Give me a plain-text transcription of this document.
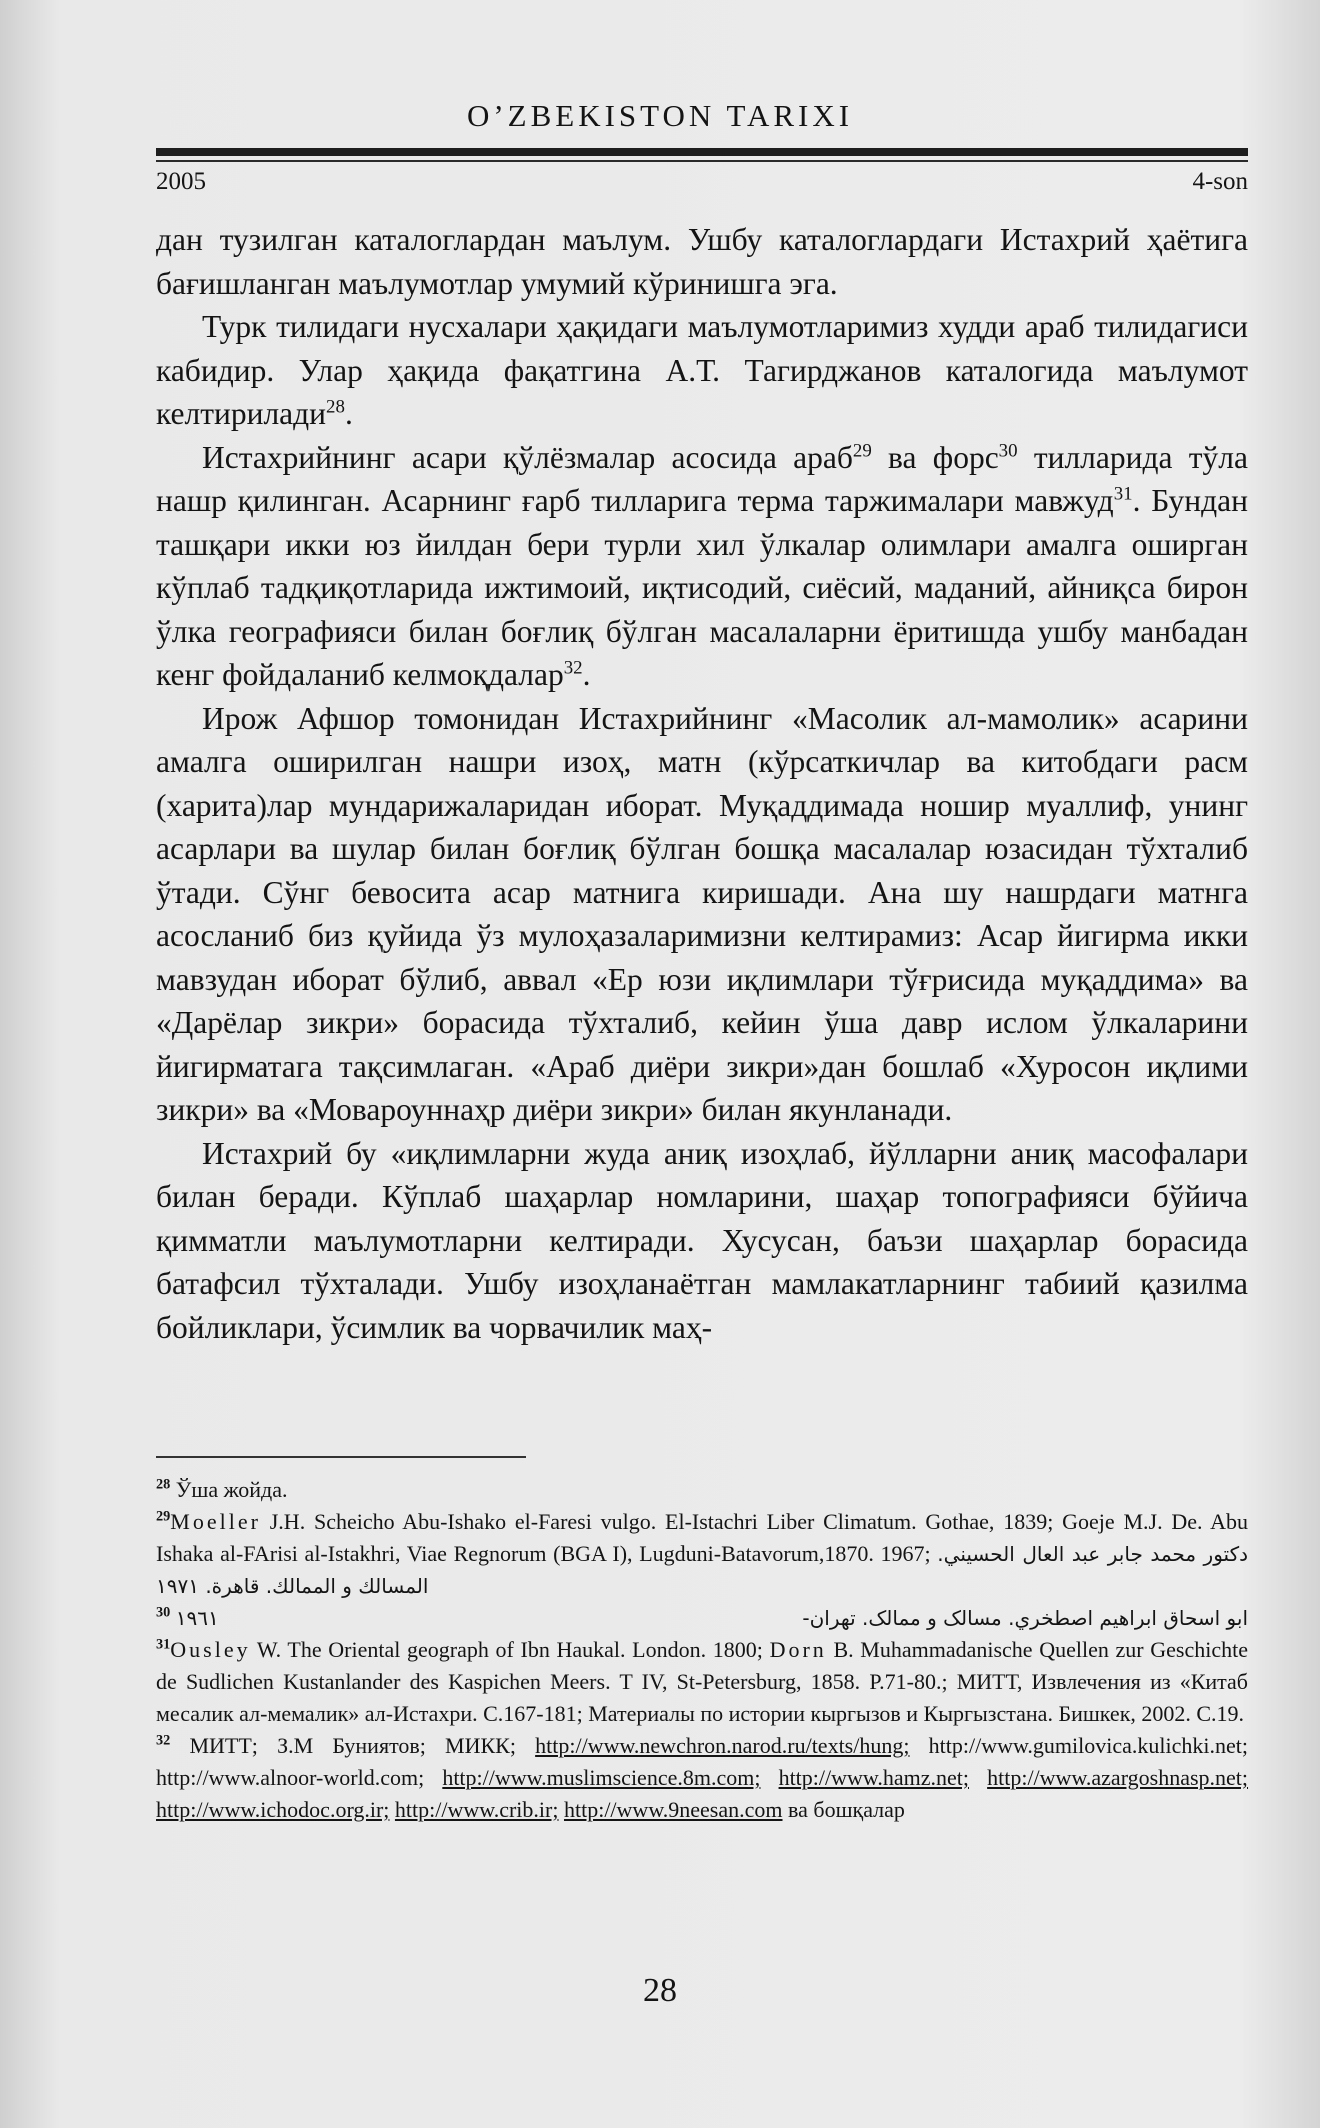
O’ZBEKISTON TARIXI
2005	4-son

дан тузилган каталоглардан маълум. Ушбу каталоглардаги Истахрий ҳаётига бағишланган маълумотлар умумий кўринишга эга.

Турк тилидаги нусхалари ҳақидаги маълумотларимиз худди араб тилидагиси кабидир. Улар ҳақида фақатгина А.Т. Тагирджанов каталогида маълумот келтирилади$^{28}$.

Истахрийнинг асари қўлёзмалар асосида араб$^{29}$ ва форс$^{30}$ тилларида тўла нашр қилинган. Асарнинг ғарб тилларига терма таржималари мавжуд$^{31}$. Бундан ташқари икки юз йилдан бери турли хил ўлкалар олимлари амалга оширган кўплаб тадқиқотларида ижтимоий, иқтисодий, сиёсий, маданий, айниқса бирон ўлка географияси билан боғлиқ бўлган масалаларни ёритишда ушбу манбадан кенг фойдаланиб келмоқдалар$^{32}$.

Ирож Афшор томонидан Истахрийнинг «Масолик ал-мамолик» асарини амалга оширилган нашри изоҳ, матн (кўрсаткичлар ва китобдаги расм (харита)лар мундарижаларидан иборат. Муқаддимада ношир муаллиф, унинг асарлари ва шулар билан боғлиқ бўлган бошқа масалалар юзасидан тўхталиб ўтади. Сўнг бевосита асар матнига киришади. Ана шу нашрдаги матнга асосланиб биз қуйида ўз мулоҳазаларимизни келтирамиз: Асар йигирма икки мавзудан иборат бўлиб, аввал «Ер юзи иқлимлари тўғрисида муқаддима» ва «Дарёлар зикри» борасида тўхталиб, кейин ўша давр ислом ўлкаларини йигирматага тақсимлаган. «Араб диёри зикри»дан бошлаб «Хуросон иқлими зикри» ва «Мовароуннаҳр диёри зикри» билан якунланади.

Истахрий бу «иқлимларни жуда аниқ изоҳлаб, йўлларни аниқ масофалари билан беради. Кўплаб шаҳарлар номларини, шаҳар топографияси бўйича қимматли маълумотларни келтиради. Хусусан, баъзи шаҳарлар борасида батафсил тўхталади. Ушбу изоҳланаётган мамлакатларнинг табиий қазилма бойликлари, ўсимлик ва чорвачилик маҳ-

$^{28}$ Ўша жойда.

$^{29}$Moeller J.H. Scheicho Abu-Ishako el-Faresi vulgo. El-Istachri Liber Climatum. Gothae, 1839; Goeje M.J. De. Abu Ishaka al-FArisi al-Istakhri, Viae Regnorum (BGA I), Lugduni-Batavorum,1870. 1967; دکتور محمد جابر عبد العال الحسيني. المسالك و الممالك. قاهرة. ١٩٧١

$^{30}$ ١٩٦١	ابو اسحاق ابراهيم اصطخري. مسالک و ممالک. تهران-

$^{31}$Ousley W. The Oriental geograph of Ibn Haukal. London. 1800; Dorn B. Muhammadanische Quellen zur Geschichte de Sudlichen Kustanlander des Kaspichen Meers. T IV, St-Petersburg, 1858. P.71-80.; МИТТ, Извлечения из «Китаб месалик ал-мемалик» ал-Истахри. С.167-181; Материалы по истории кыргызов и Кыргызстана. Бишкек, 2002. С.19.

$^{32}$ МИТТ; З.М Буниятов; МИКК; http://www.newchron.narod.ru/texts/hung; http://www.gumilovica.kulichki.net; http://www.alnoor-world.com; http://www.muslimscience.8m.com; http://www.hamz.net; http://www.azargoshnasp.net; http://www.ichodoc.org.ir; http://www.crib.ir; http://www.9neesan.com ва бошқалар

28
